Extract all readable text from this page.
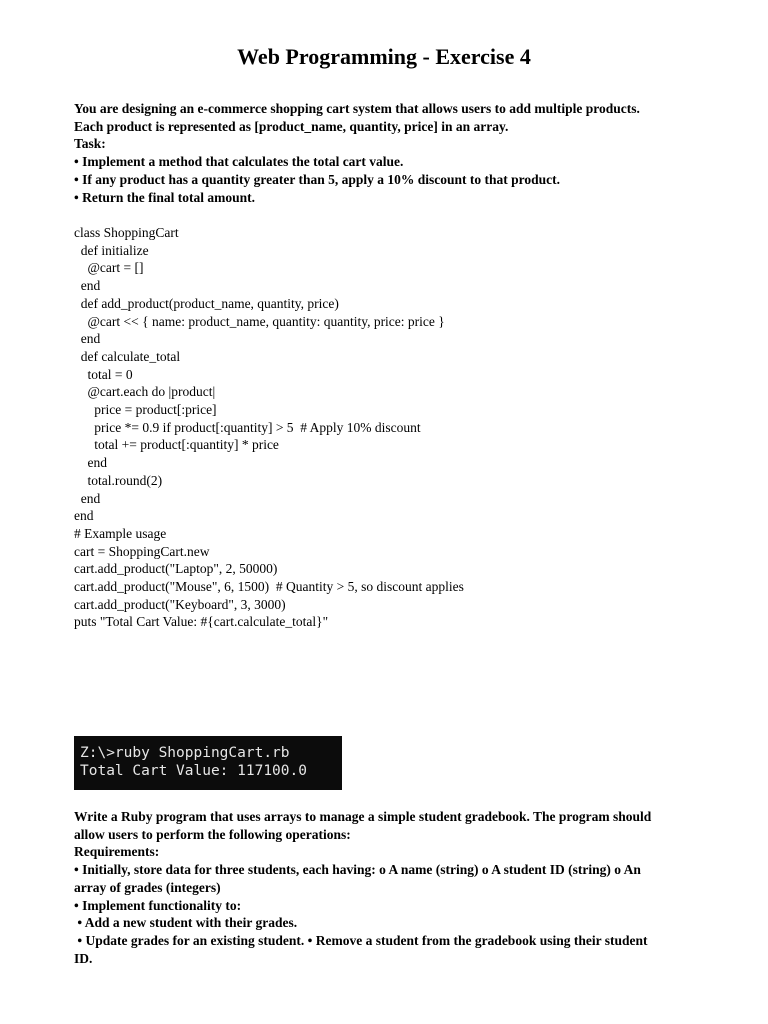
Web Programming - Exercise 4

You are designing an e-commerce shopping cart system that allows users to add multiple products.

Each product is represented as [product_name, quantity, price] in an array.

Task:

• Implement a method that calculates the total cart value.

• If any product has a quantity greater than 5, apply a 10% discount to that product.

• Return the final total amount.

class ShoppingCart

def initialize

@cart = []

end

def add_product(product_name, quantity, price)

@cart << { name: product_name, quantity: quantity, price: price }

end

def calculate_total

total = 0

@cart.each do |product|

price = product[:price]

price *= 0.9 if product[:quantity] > 5  # Apply 10% discount

total += product[:quantity] * price

end

total.round(2)

end

end

# Example usage

cart = ShoppingCart.new

cart.add_product("Laptop", 2, 50000)

cart.add_product("Mouse", 6, 1500)  # Quantity > 5, so discount applies

cart.add_product("Keyboard", 3, 3000)

puts "Total Cart Value: #{cart.calculate_total}"

Z:\>ruby ShoppingCart.rb

Total Cart Value: 117100.0

Write a Ruby program that uses arrays to manage a simple student gradebook. The program should

allow users to perform the following operations:

Requirements:

• Initially, store data for three students, each having: o A name (string) o A student ID (string) o An

array of grades (integers)

• Implement functionality to:

• Add a new student with their grades.

• Update grades for an existing student. • Remove a student from the gradebook using their student

ID.
